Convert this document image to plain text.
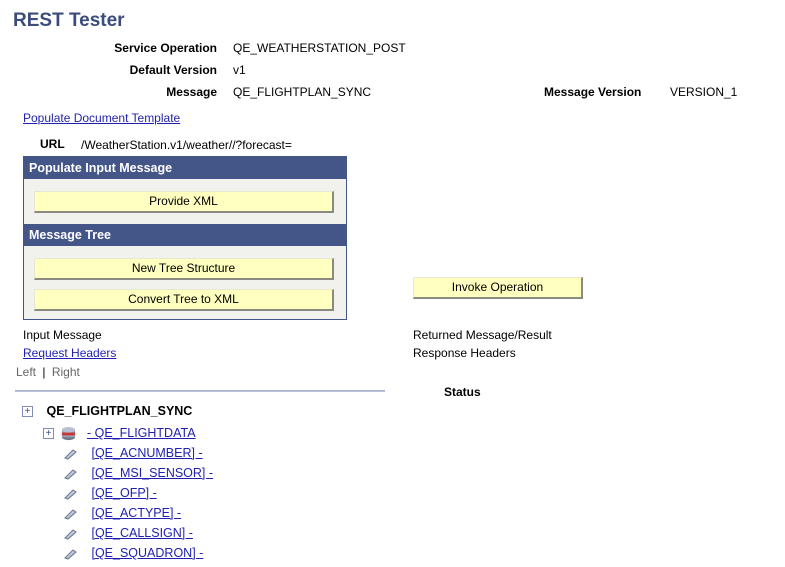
REST Tester
Service Operation QE_WEATHERSTATION_POST
Default Version v1
Message QE_FLIGHTPLAN_SYNC	Message Version VERSION_1
Populate Document Template
URL /WeatherStation.v1/weather//?forecast=
Populate Input Message
Provide XML
Message Tree
New Tree Structure
Convert Tree to XML
Invoke Operation
Input Message
Request Headers
Left | Right
Returned Message/Result
Response Headers
Status
+ QE_FLIGHTPLAN_SYNC
+	- QE_FLIGHTDATA
[QE_ACNUMBER] -
[QE_MSI_SENSOR] -
[QE_OFP] -
[QE_ACTYPE] -
[QE_CALLSIGN] -
[QE_SQUADRON] -
